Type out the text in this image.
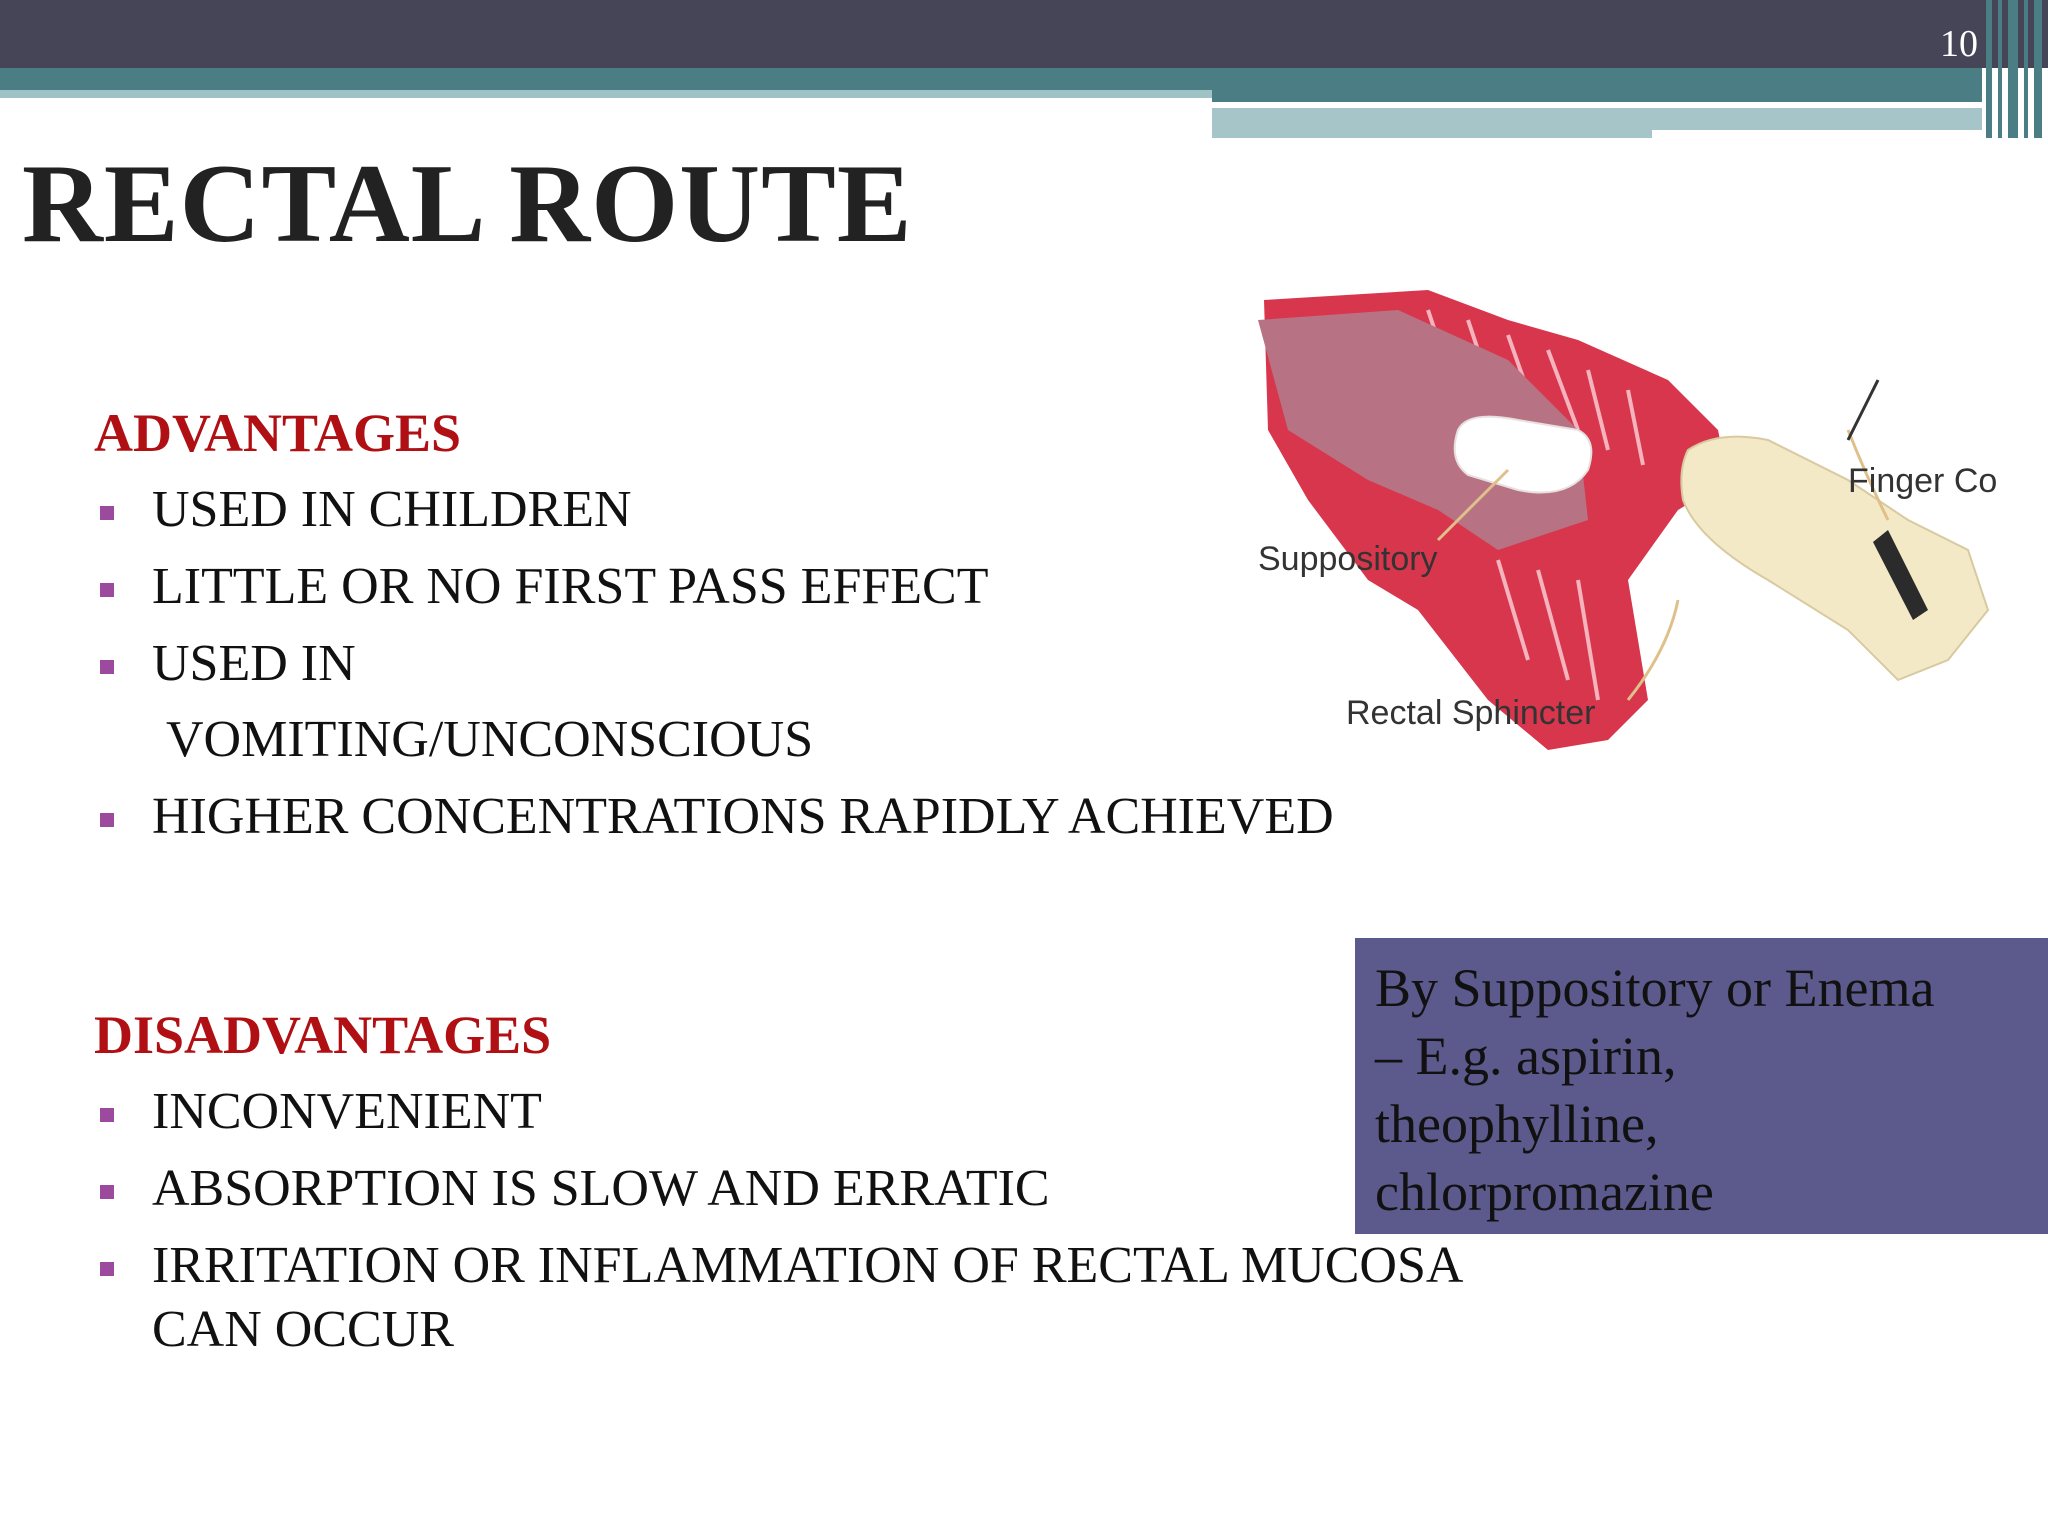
10
RECTAL ROUTE
ADVANTAGES
USED IN CHILDREN
LITTLE OR NO FIRST PASS EFFECT
USED IN
VOMITING/UNCONSCIOUS
HIGHER CONCENTRATIONS RAPIDLY ACHIEVED
DISADVANTAGES
INCONVENIENT
ABSORPTION IS SLOW AND ERRATIC
IRRITATION OR INFLAMMATION OF RECTAL MUCOSA
CAN OCCUR
Suppository
Finger Co
Rectal Sphincter

By Suppository or Enema

– E.g. aspirin,

theophylline,

chlorpromazine
